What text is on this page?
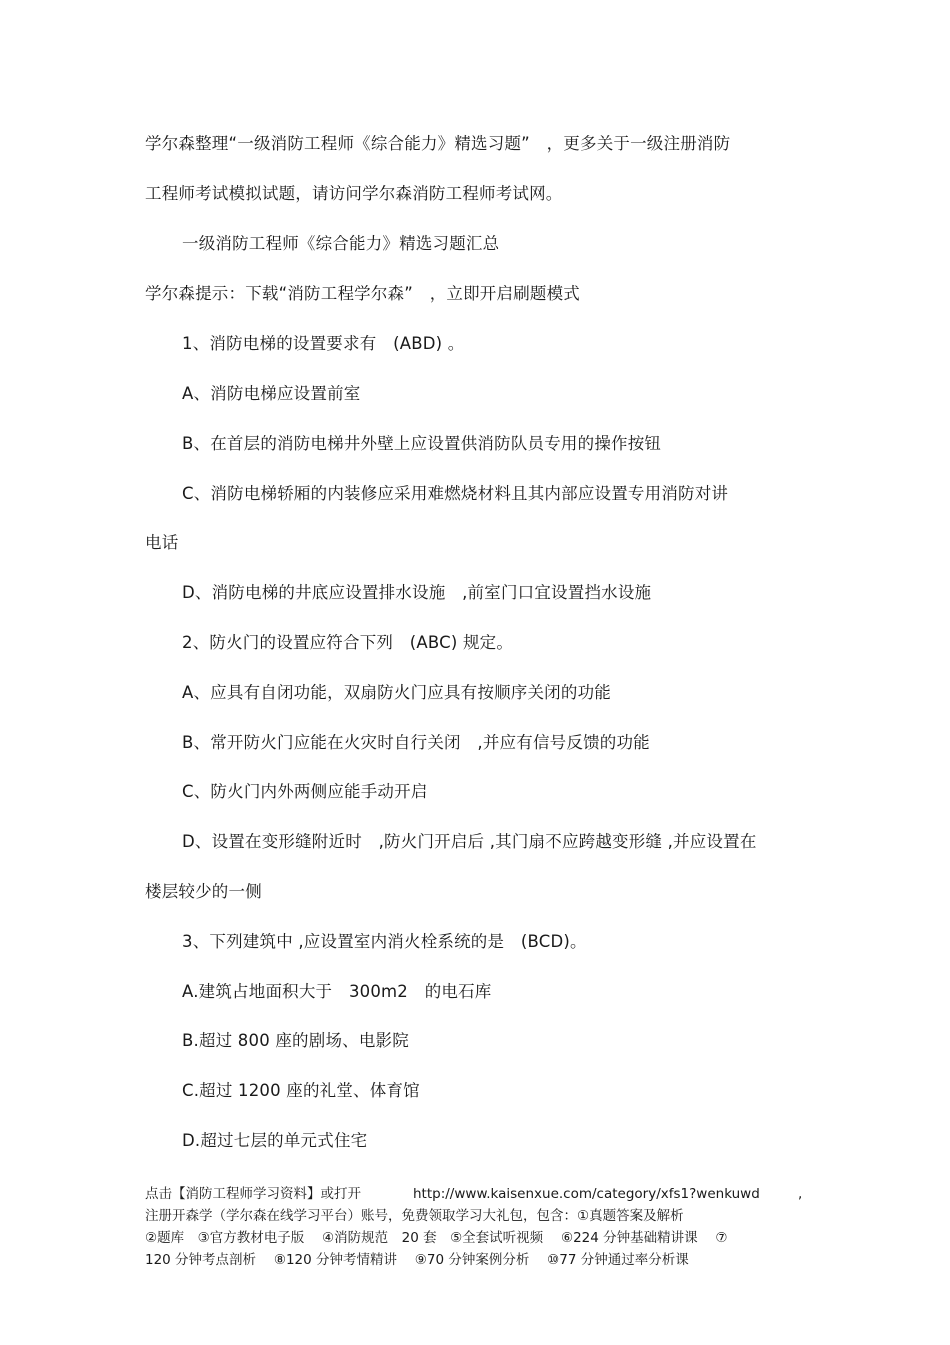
学尔森整理“一级消防工程师《综合能力》精选习题”　，更多关于一级注册消防
工程师考试模拟试题，请访问学尔森消防工程师考试网。
一级消防工程师《综合能力》精选习题汇总
学尔森提示：下载“消防工程学尔森”　，立即开启刷题模式
1、消防电梯的设置要求有　(ABD) 。
A、消防电梯应设置前室
B、在首层的消防电梯井外壁上应设置供消防队员专用的操作按钮
C、消防电梯轿厢的内装修应采用难燃烧材料且其内部应设置专用消防对讲
电话
D、消防电梯的井底应设置排水设施　,前室门口宜设置挡水设施
2、防火门的设置应符合下列　(ABC) 规定。
A、应具有自闭功能，双扇防火门应具有按顺序关闭的功能
B、常开防火门应能在火灾时自行关闭　,并应有信号反馈的功能
C、防火门内外两侧应能手动开启
D、设置在变形缝附近时　,防火门开启后 ,其门扇不应跨越变形缝 ,并应设置在
楼层较少的一侧
3、下列建筑中 ,应设置室内消火栓系统的是　(BCD)。
A.建筑占地面积大于　300m2　的电石库
B.超过 800 座的剧场、电影院
C.超过 1200 座的礼堂、体育馆
D.超过七层的单元式住宅
点击【消防工程师学习资料】或打开	http://www.kaisenxue.com/category/xfs1?wenkuwd	,
注册开森学（学尔森在线学习平台）账号，免费领取学习大礼包，包含：①真题答案及解析
②题库　③官方教材电子版　 ④消防规范　20 套　⑤全套试听视频　 ⑥224 分钟基础精讲课　 ⑦
120 分钟考点剖析　 ⑧120 分钟考情精讲　 ⑨70 分钟案例分析　 ⑩77 分钟通过率分析课
